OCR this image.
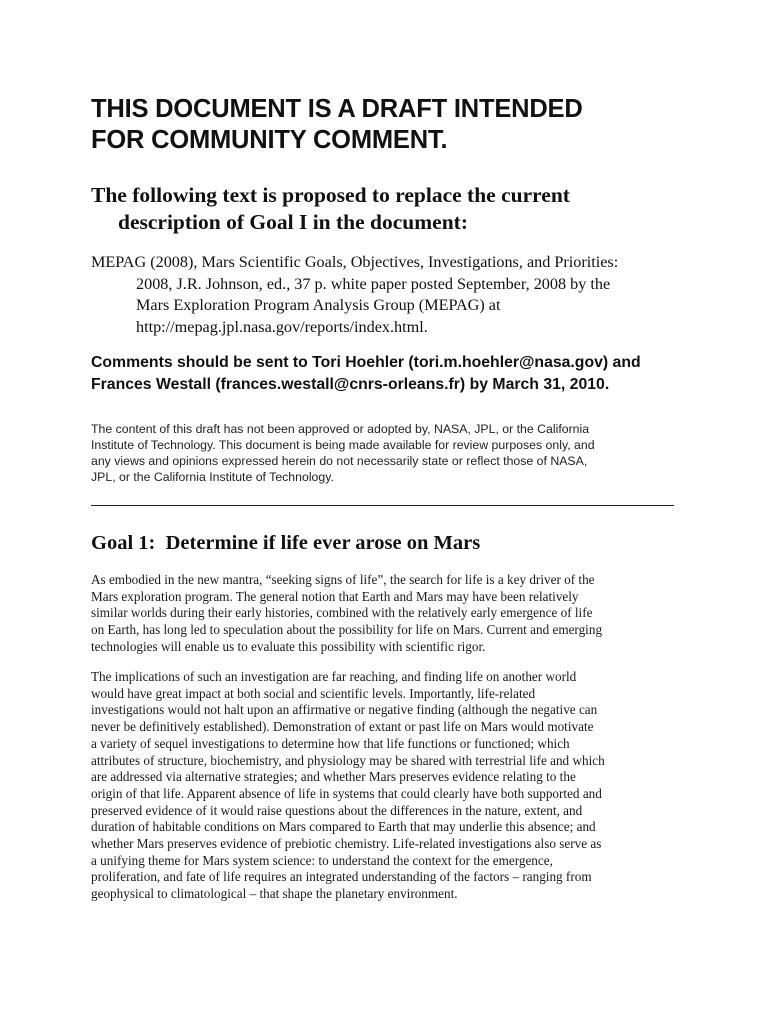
THIS DOCUMENT IS A DRAFT INTENDED
FOR COMMUNITY COMMENT.
The following text is proposed to replace the current
description of Goal I in the document:

MEPAG (2008), Mars Scientific Goals, Objectives, Investigations, and Priorities:
2008, J.R. Johnson, ed., 37 p. white paper posted September, 2008 by the
Mars Exploration Program Analysis Group (MEPAG) at
http://mepag.jpl.nasa.gov/reports/index.html.

Comments should be sent to Tori Hoehler (tori.m.hoehler@nasa.gov) and
Frances Westall (frances.westall@cnrs-orleans.fr) by March 31, 2010.

The content of this draft has not been approved or adopted by, NASA, JPL, or the California
Institute of Technology. This document is being made available for review purposes only, and
any views and opinions expressed herein do not necessarily state or reflect those of NASA,
JPL, or the California Institute of Technology.

Goal 1:  Determine if life ever arose on Mars

As embodied in the new mantra, “seeking signs of life”, the search for life is a key driver of the
Mars exploration program. The general notion that Earth and Mars may have been relatively
similar worlds during their early histories, combined with the relatively early emergence of life
on Earth, has long led to speculation about the possibility for life on Mars. Current and emerging
technologies will enable us to evaluate this possibility with scientific rigor.

The implications of such an investigation are far reaching, and finding life on another world
would have great impact at both social and scientific levels. Importantly, life-related
investigations would not halt upon an affirmative or negative finding (although the negative can
never be definitively established). Demonstration of extant or past life on Mars would motivate
a variety of sequel investigations to determine how that life functions or functioned; which
attributes of structure, biochemistry, and physiology may be shared with terrestrial life and which
are addressed via alternative strategies; and whether Mars preserves evidence relating to the
origin of that life. Apparent absence of life in systems that could clearly have both supported and
preserved evidence of it would raise questions about the differences in the nature, extent, and
duration of habitable conditions on Mars compared to Earth that may underlie this absence; and
whether Mars preserves evidence of prebiotic chemistry. Life-related investigations also serve as
a unifying theme for Mars system science: to understand the context for the emergence,
proliferation, and fate of life requires an integrated understanding of the factors – ranging from
geophysical to climatological – that shape the planetary environment.
